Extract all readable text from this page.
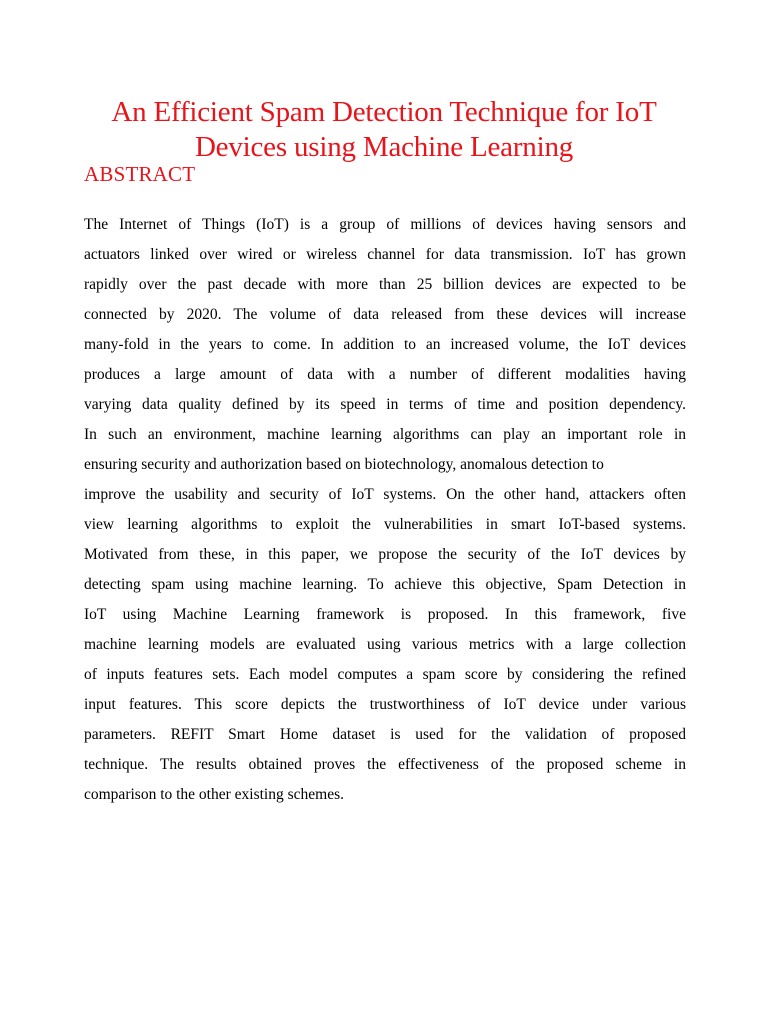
An Efficient Spam Detection Technique for IoT
Devices using Machine Learning
ABSTRACT
The Internet of Things (IoT) is a group of millions of devices having sensors and
actuators linked over wired or wireless channel for data transmission. IoT has grown
rapidly over the past decade with more than 25 billion devices are expected to be
connected by 2020. The volume of data released from these devices will increase
many-fold in the years to come. In addition to an increased volume, the IoT devices
produces a large amount of data with a number of different modalities having
varying data quality defined by its speed in terms of time and position dependency.
In such an environment, machine learning algorithms can play an important role in
ensuring security and authorization based on biotechnology, anomalous detection to
improve the usability and security of IoT systems. On the other hand, attackers often
view learning algorithms to exploit the vulnerabilities in smart IoT-based systems.
Motivated from these, in this paper, we propose the security of the IoT devices by
detecting spam using machine learning. To achieve this objective, Spam Detection in
IoT using Machine Learning framework is proposed. In this framework, five
machine learning models are evaluated using various metrics with a large collection
of inputs features sets. Each model computes a spam score by considering the refined
input features. This score depicts the trustworthiness of IoT device under various
parameters. REFIT Smart Home dataset is used for the validation of proposed
technique. The results obtained proves the effectiveness of the proposed scheme in
comparison to the other existing schemes.
